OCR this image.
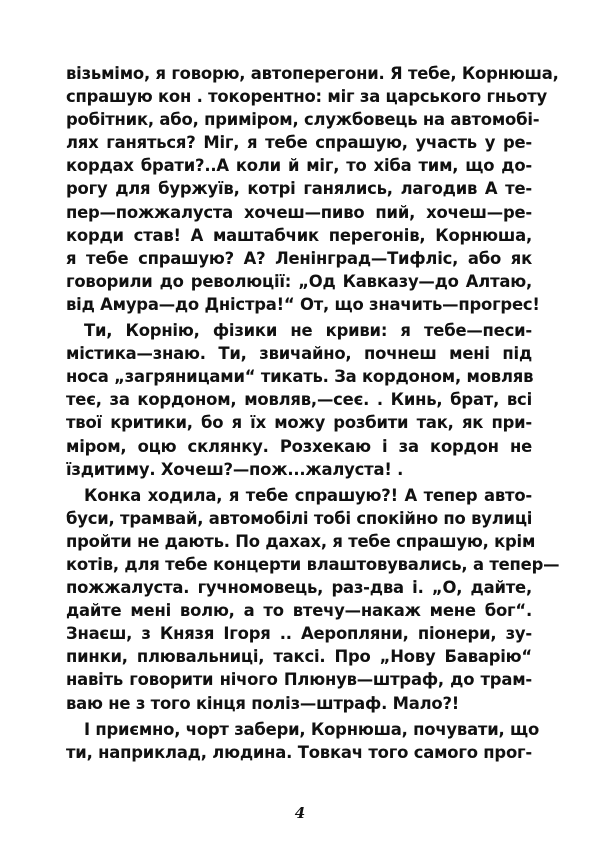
візьмімо, я говорю, автоперегони. Я тебе, Корнюша,
спрашую кон . токорентно: міг за царського гньоту
робітник, або, приміром, службовець на автомобі-
лях ганяться? Міг, я тебе спрашую, участь у ре-
кордах брати?..А коли й міг, то хіба тим, що до-
рогу для буржуїв, котрі ганялись, лагодив А те-
пер—пожжалуста хочеш—пиво пий, хочеш—ре-
корди став! А маштабчик перегонів, Корнюша,
я тебе спрашую? А? Ленінград—Тифліс, або як
говорили до революції: „Од Кавказу—до Алтаю,
від Амура—до Дністра!“ От, що значить—прогрес!
Ти, Корнію, фізики не криви: я тебе—песи-
містика—знаю. Ти, звичайно, почнеш мені під
носа „загряницами“ тикать. За кордоном, мовляв
теє, за кордоном, мовляв,—сеє. . Кинь, брат, всі
твої критики, бо я їх можу розбити так, як при-
міром, оцю склянку. Розхекаю і за кордон не
їздитиму. Хочеш?—пож...жалуста! .
Конка ходила, я тебе спрашую?! А тепер авто-
буси, трамвай, автомобілі тобі спокійно по вулиці
пройти не дають. По дахах, я тебе спрашую, крім
котів, для тебе концерти влаштовувались, а тепер—
пожжалуста. гучномовець, раз-два і. „О, дайте,
дайте мені волю, а то втечу—накаж мене бог“.
Знаєш, з Князя Ігоря .. Аеропляни, піонери, зу-
пинки, плювальниці, таксі. Про „Нову Баварію“
навіть говорити нічого Плюнув—штраф, до трам-
ваю не з того кінця поліз—штраф. Мало?!
І приємно, чорт забери, Корнюша, почувати, що
ти, наприклад, людина. Товкач того самого прог-
4
